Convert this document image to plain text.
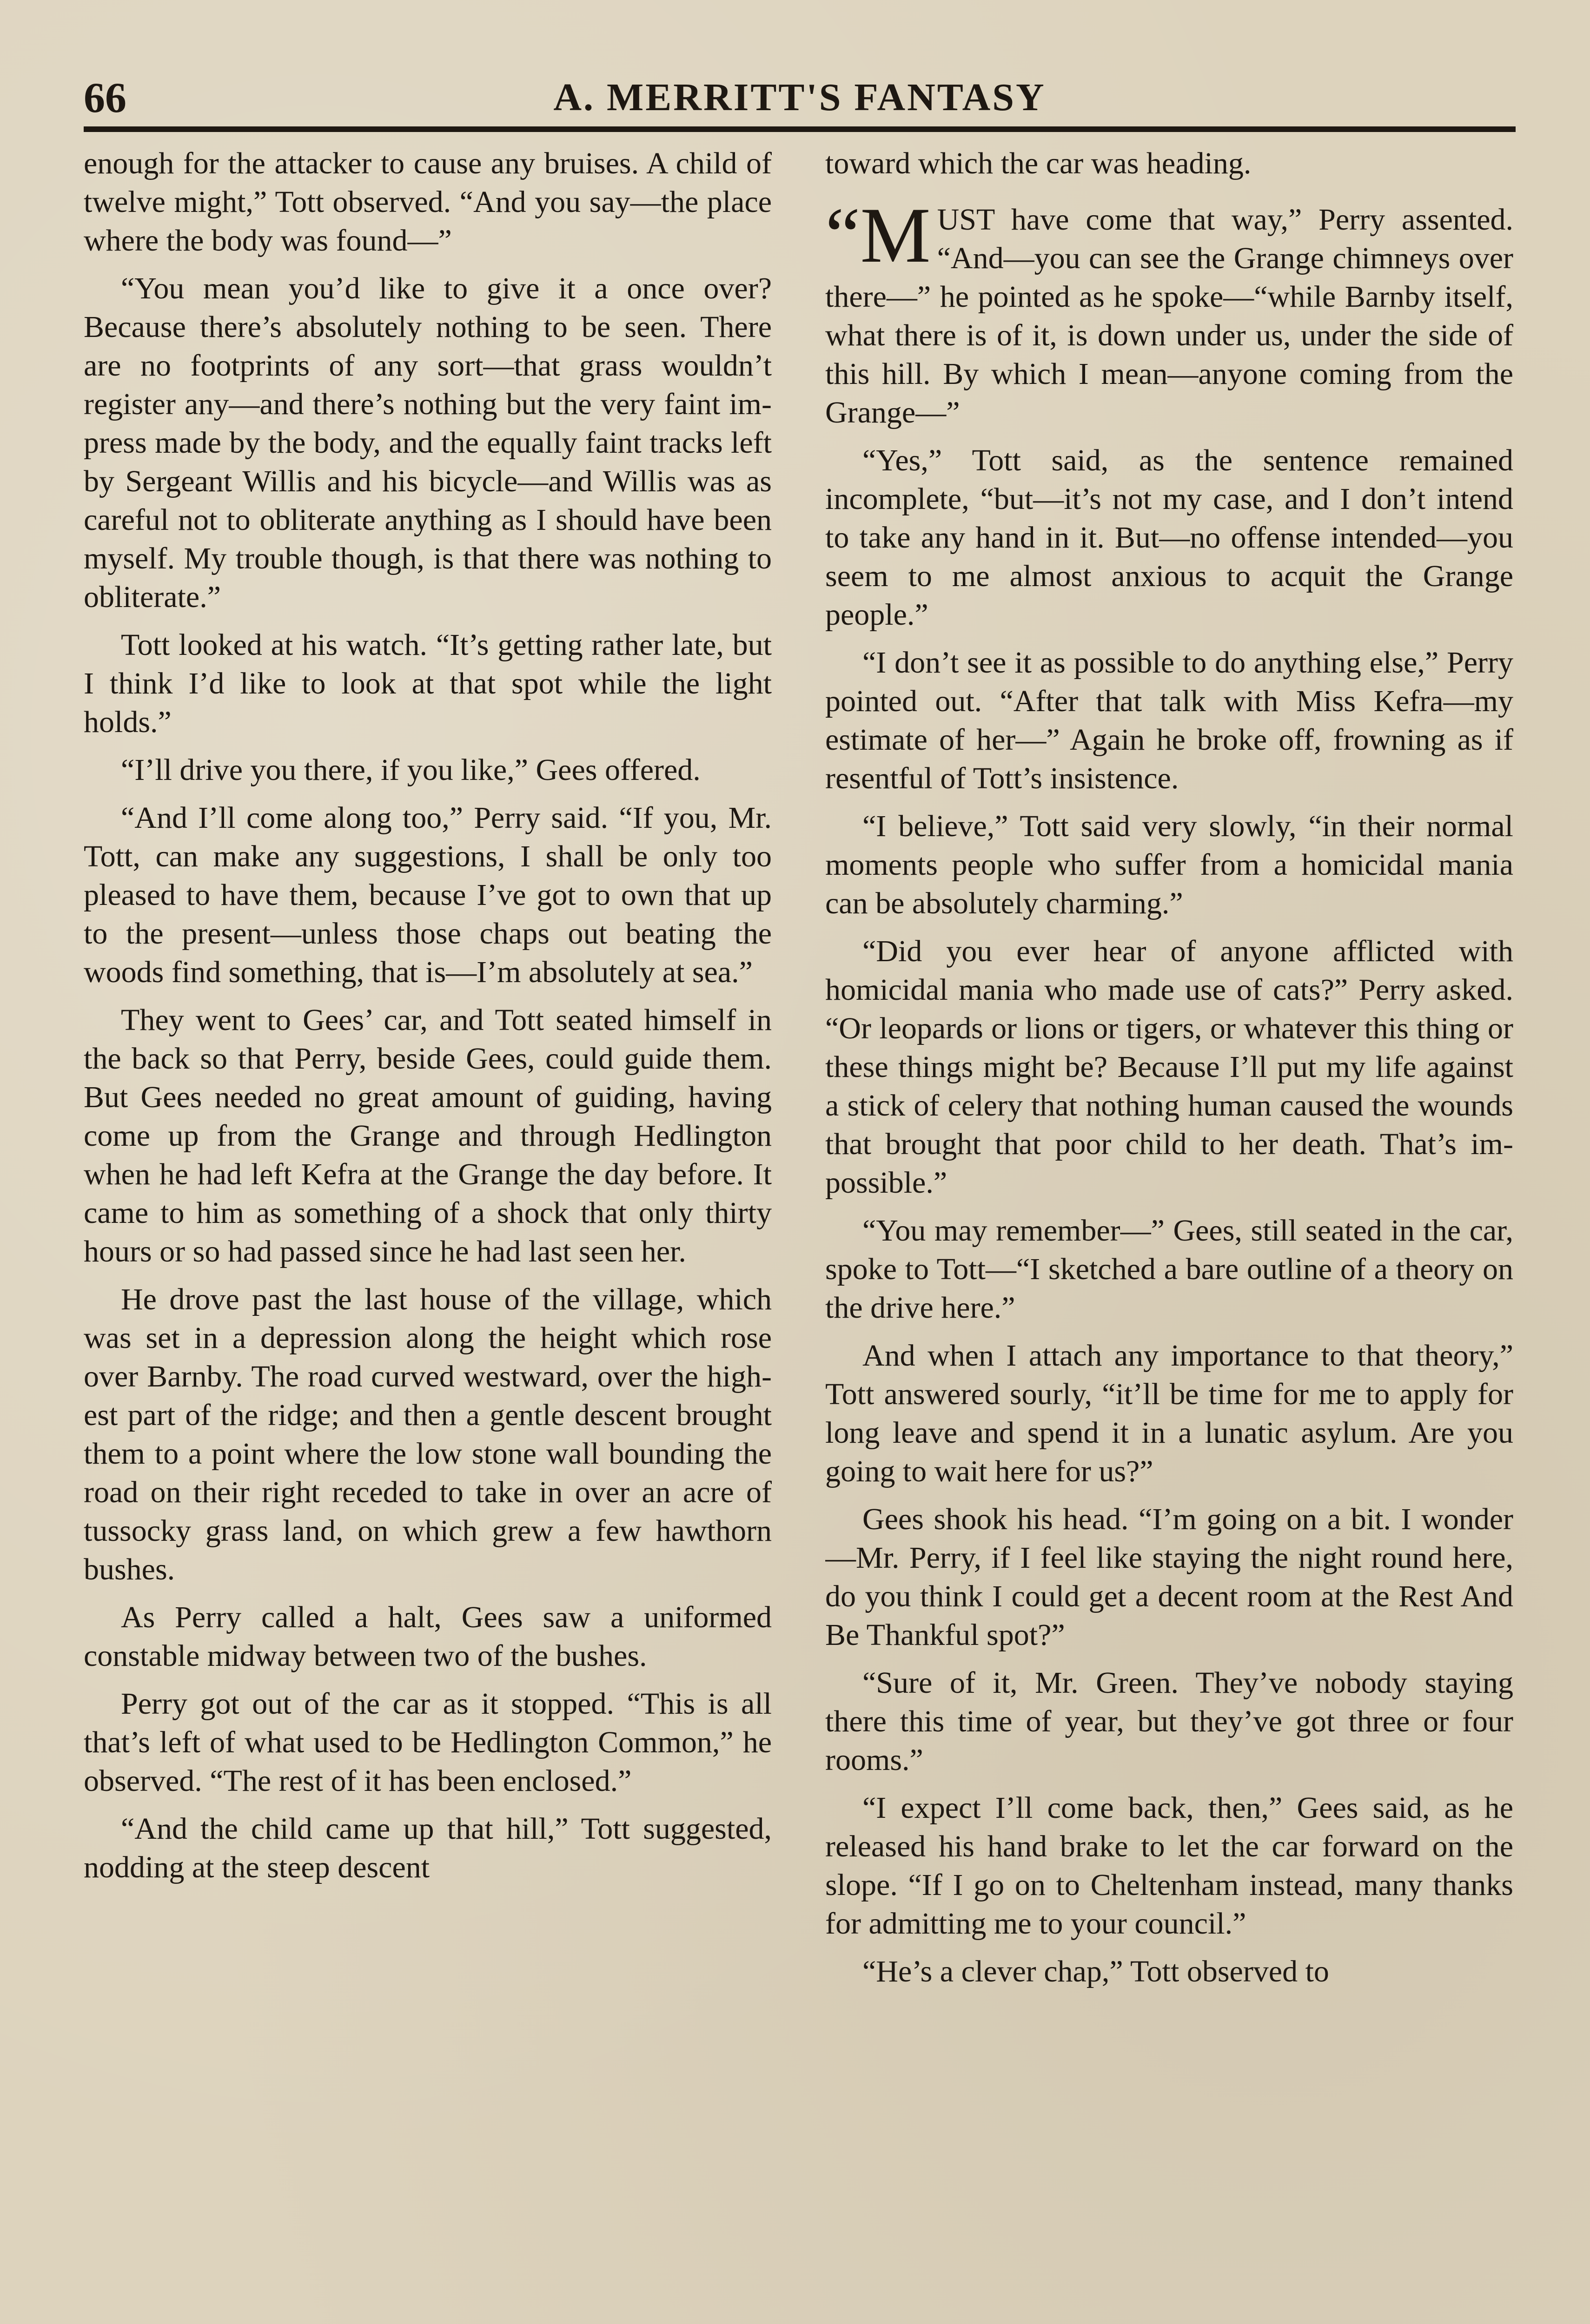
66	A. MERRITT'S FANTASY

enough for the attacker to cause any bruises. A child of twelve might,” Tott observed. “And you say—the place where the body was found—”

“You mean you’d like to give it a once over? Because there’s absolutely nothing to be seen. There are no footprints of any sort—that grass wouldn’t register any—and there’s nothing but the very faint impress made by the body, and the equally faint tracks left by Sergeant Willis and his bicycle—and Willis was as careful not to obliterate anything as I should have been myself. My trouble though, is that there was nothing to obliterate.”

Tott looked at his watch. “It’s getting rather late, but I think I’d like to look at that spot while the light holds.”

“I’ll drive you there, if you like,” Gees offered.

“And I’ll come along too,” Perry said. “If you, Mr. Tott, can make any suggestions, I shall be only too pleased to have them, because I’ve got to own that up to the present—unless those chaps out beating the woods find something, that is—I’m absolutely at sea.”

They went to Gees’ car, and Tott seated himself in the back so that Perry, beside Gees, could guide them. But Gees needed no great amount of guiding, having come up from the Grange and through Hedlington when he had left Kefra at the Grange the day before. It came to him as something of a shock that only thirty hours or so had passed since he had last seen her.

He drove past the last house of the village, which was set in a depression along the height which rose over Barnby. The road curved westward, over the highest part of the ridge; and then a gentle descent brought them to a point where the low stone wall bounding the road on their right receded to take in over an acre of tussocky grass land, on which grew a few hawthorn bushes.

As Perry called a halt, Gees saw a uniformed constable midway between two of the bushes.

Perry got out of the car as it stopped. “This is all that’s left of what used to be Hedlington Common,” he observed. “The rest of it has been enclosed.”

“And the child came up that hill,” Tott suggested, nodding at the steep descent

toward which the car was heading.

“MUST have come that way,” Perry assented. “And—you can see the Grange chimneys over there—” he pointed as he spoke—“while Barnby itself, what there is of it, is down under us, under the side of this hill. By which I mean—anyone coming from the Grange—”

“Yes,” Tott said, as the sentence remained incomplete, “but—it’s not my case, and I don’t intend to take any hand in it. But—no offense intended—you seem to me almost anxious to acquit the Grange people.”

“I don’t see it as possible to do anything else,” Perry pointed out. “After that talk with Miss Kefra—my estimate of her—” Again he broke off, frowning as if resentful of Tott’s insistence.

“I believe,” Tott said very slowly, “in their normal moments people who suffer from a homicidal mania can be absolutely charming.”

“Did you ever hear of anyone afflicted with homicidal mania who made use of cats?” Perry asked. “Or leopards or lions or tigers, or whatever this thing or these things might be? Because I’ll put my life against a stick of celery that nothing human caused the wounds that brought that poor child to her death. That’s impossible.”

“You may remember—” Gees, still seated in the car, spoke to Tott—“I sketched a bare outline of a theory on the drive here.”

And when I attach any importance to that theory,” Tott answered sourly, “it’ll be time for me to apply for long leave and spend it in a lunatic asylum. Are you going to wait here for us?”

Gees shook his head. “I’m going on a bit. I wonder—Mr. Perry, if I feel like staying the night round here, do you think I could get a decent room at the Rest And Be Thankful spot?”

“Sure of it, Mr. Green. They’ve nobody staying there this time of year, but they’ve got three or four rooms.”

“I expect I’ll come back, then,” Gees said, as he released his hand brake to let the car forward on the slope. “If I go on to Cheltenham instead, many thanks for admitting me to your council.”

“He’s a clever chap,” Tott observed to
